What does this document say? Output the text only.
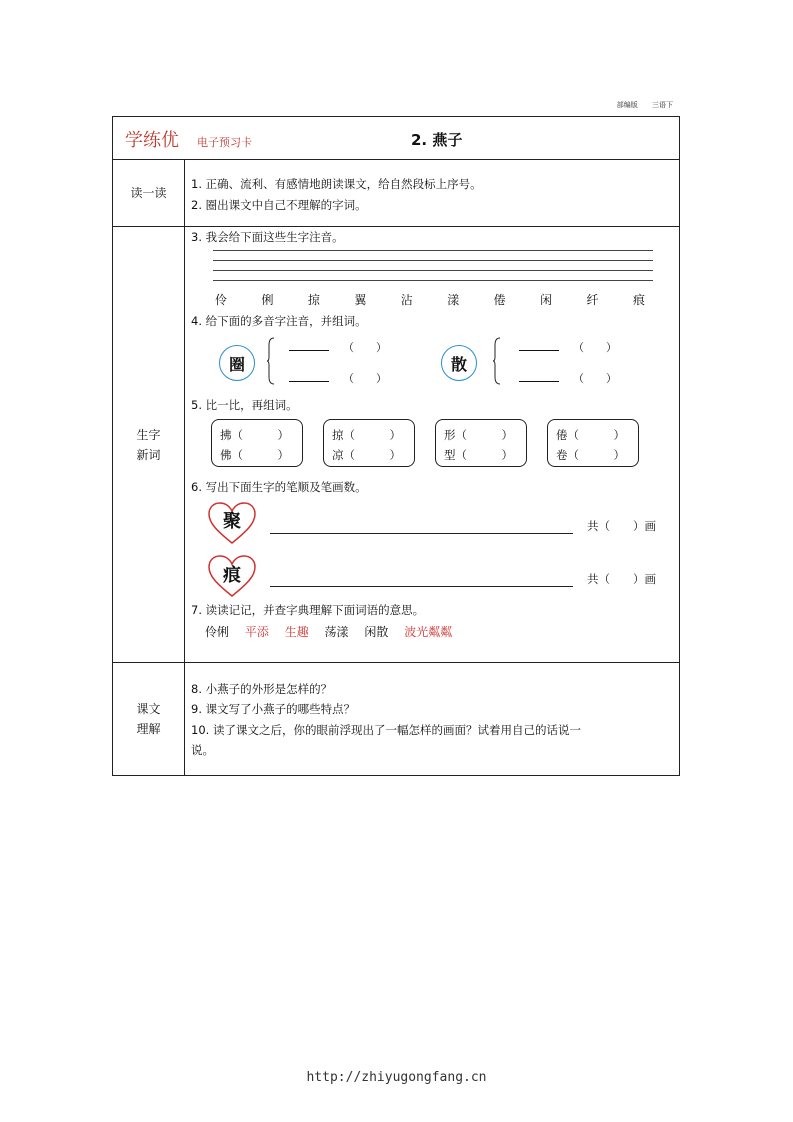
部编版 三语下
学练优 电子预习卡	2. 燕子
读一读
1. 正确、流利、有感情地朗读课文，给自然段标上序号。
2. 圈出课文中自己不理解的字词。
生字
新词
3. 我会给下面这些生字注音。
伶	俐	掠	翼	沾	漾	倦	闲	纤	痕
4. 给下面的多音字注音，并组词。
圈
（　　）
（　　）
散
（　　）
（　　）
5. 比一比，再组词。
拂（　　　）
佛（　　　）
掠（　　　）
凉（　　　）
形（　　　）
型（　　　）
倦（　　　）
卷（　　　）
6. 写出下面生字的笔顺及笔画数。
聚	共（　　）画
痕	共（　　）画
7. 读读记记，并查字典理解下面词语的意思。
伶俐 平添 生趣 荡漾 闲散 波光粼粼
课文
理解
8. 小燕子的外形是怎样的？
9. 课文写了小燕子的哪些特点？
10. 读了课文之后，你的眼前浮现出了一幅怎样的画面？试着用自己的话说一
说。
http://zhiyugongfang.cn
